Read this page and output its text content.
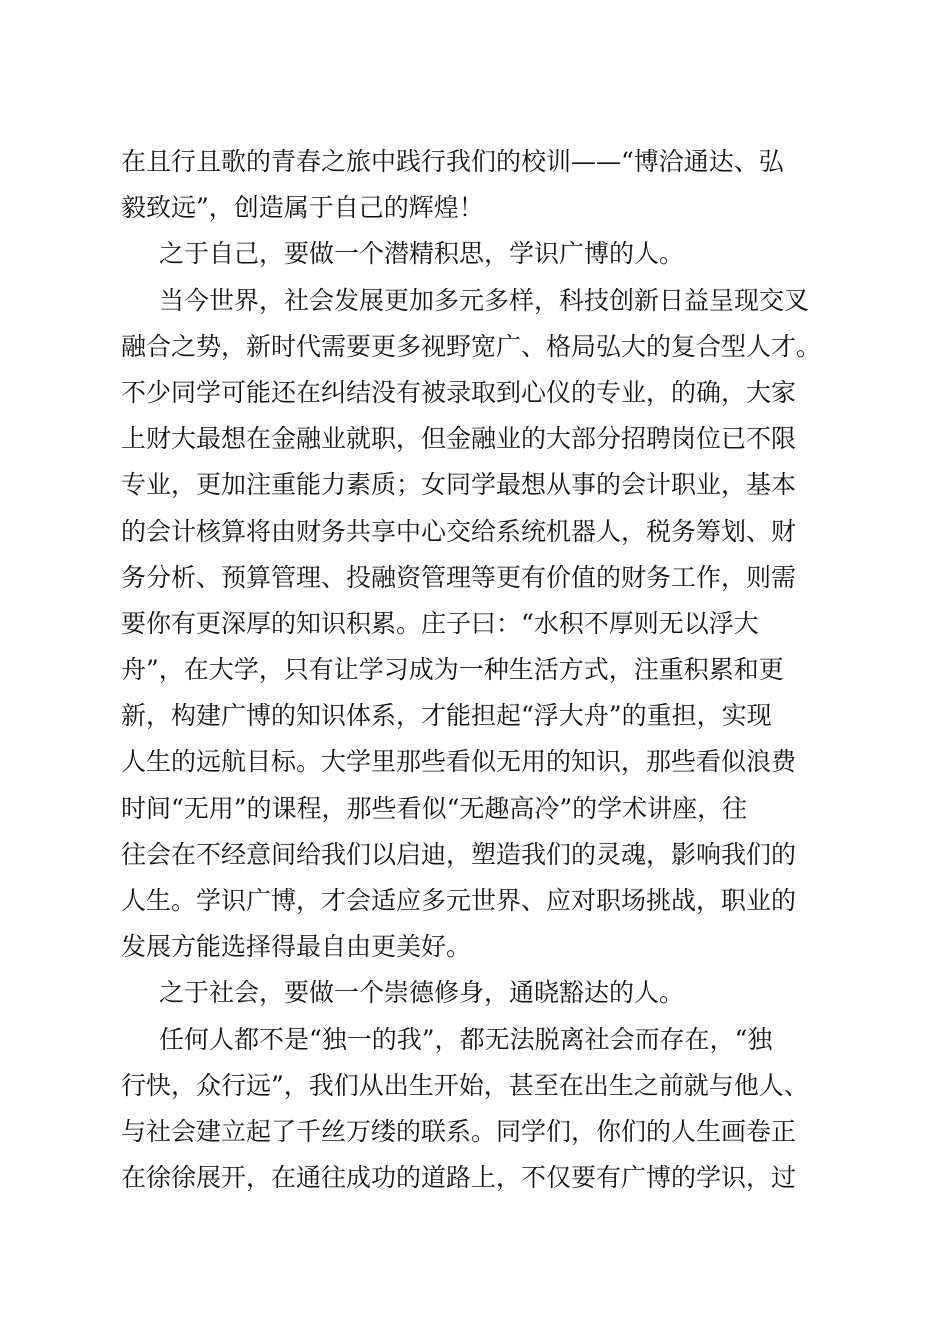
在且行且歌的青春之旅中践行我们的校训——“博洽通达、弘
毅致远”，创造属于自己的辉煌！
之于自己，要做一个潜精积思，学识广博的人。
当今世界，社会发展更加多元多样，科技创新日益呈现交叉
融合之势，新时代需要更多视野宽广、格局弘大的复合型人才。
不少同学可能还在纠结没有被录取到心仪的专业，的确，大家
上财大最想在金融业就职，但金融业的大部分招聘岗位已不限
专业，更加注重能力素质；女同学最想从事的会计职业，基本
的会计核算将由财务共享中心交给系统机器人，税务筹划、财
务分析、预算管理、投融资管理等更有价值的财务工作，则需
要你有更深厚的知识积累。庄子曰：“水积不厚则无以浮大
舟”，在大学，只有让学习成为一种生活方式，注重积累和更
新，构建广博的知识体系，才能担起“浮大舟”的重担，实现
人生的远航目标。大学里那些看似无用的知识，那些看似浪费
时间“无用”的课程，那些看似“无趣高冷”的学术讲座，往
往会在不经意间给我们以启迪，塑造我们的灵魂，影响我们的
人生。学识广博，才会适应多元世界、应对职场挑战，职业的
发展方能选择得最自由更美好。
之于社会，要做一个崇德修身，通晓豁达的人。
任何人都不是“独一的我”，都无法脱离社会而存在，“独
行快，众行远”，我们从出生开始，甚至在出生之前就与他人、
与社会建立起了千丝万缕的联系。同学们，你们的人生画卷正
在徐徐展开，在通往成功的道路上，不仅要有广博的学识，过
